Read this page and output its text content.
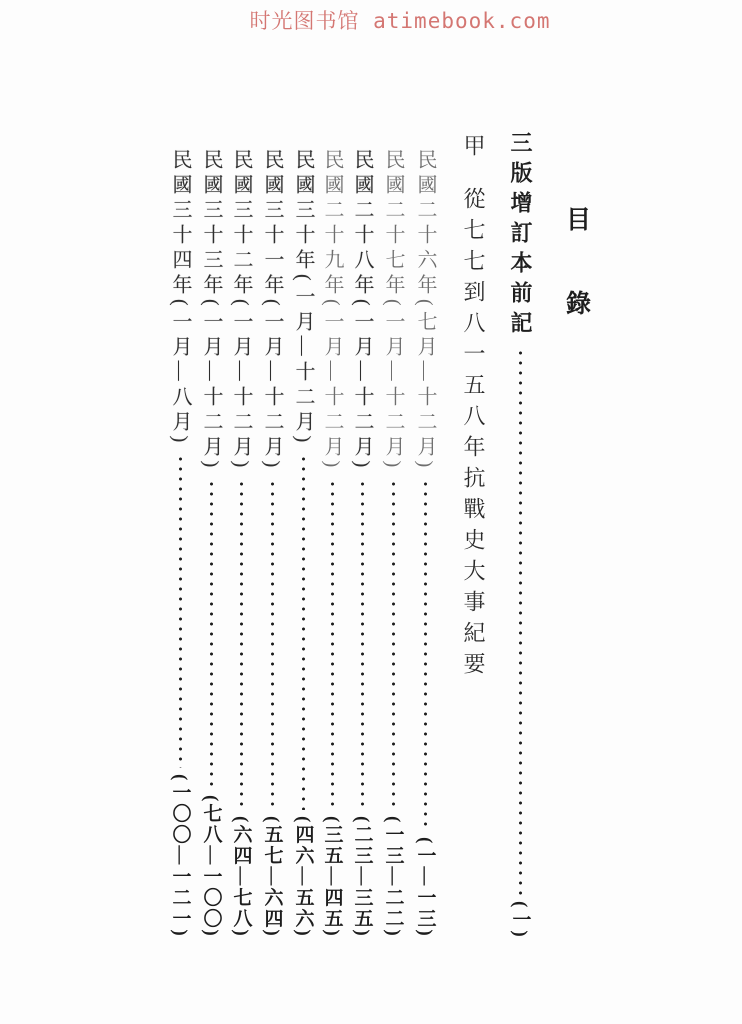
时光图书馆 atimebook.com
目
錄
三版增訂本前記
(一)
甲
從七七到八一五八年抗戰史大事紀要
民國二十六年(七月—十二月)
(一—一三)
民國二十七年(一月—十二月)
(一三—二二)
民國二十八年(一月—十二月)
(二三—三五)
民國二十九年(一月—十二月)
(三五—四五)
民國三十年(一月—十二月)
(四六—五六)
民國三十一年(一月—十二月)
(五七—六四)
民國三十二年(一月—十二月)
(六四—七八)
民國三十三年(一月—十二月)
(七八—一〇〇)
民國三十四年(一月—八月)
(一〇〇—一二一)
